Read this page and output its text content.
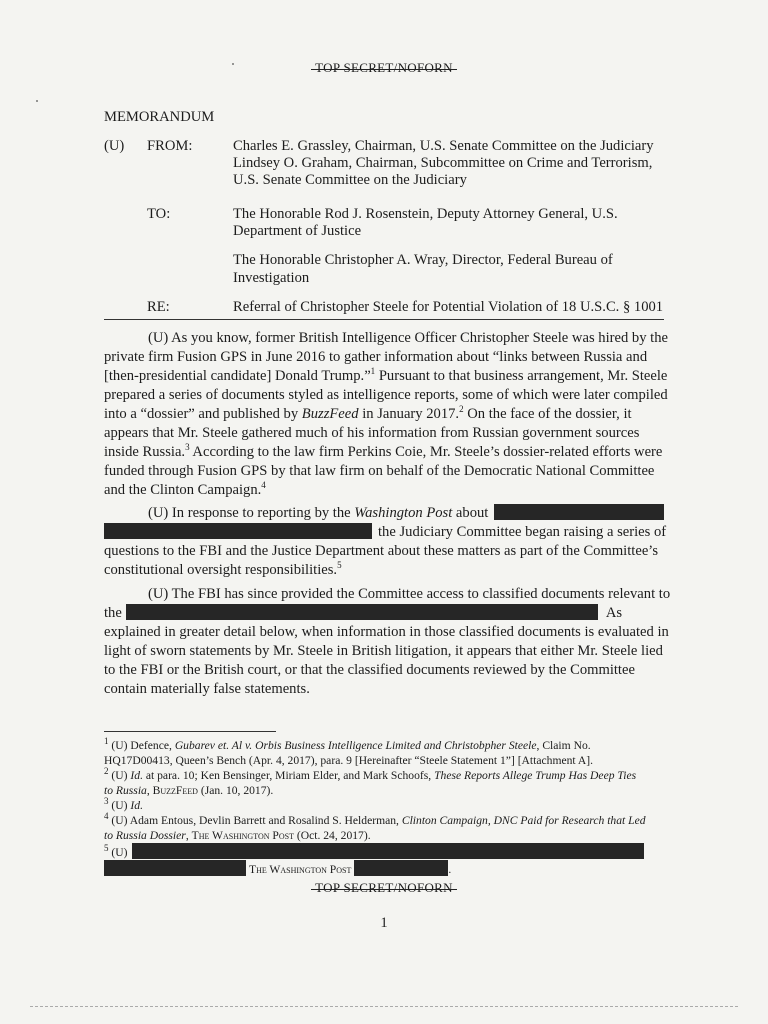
TOP SECRET/NOFORN
MEMORANDUM
(U) FROM:	Charles E. Grassley, Chairman, U.S. Senate Committee on the Judiciary
Lindsey O. Graham, Chairman, Subcommittee on Crime and Terrorism,
U.S. Senate Committee on the Judiciary
TO:	The Honorable Rod J. Rosenstein, Deputy Attorney General, U.S.
Department of Justice
The Honorable Christopher A. Wray, Director, Federal Bureau of
Investigation
RE:	Referral of Christopher Steele for Potential Violation of 18 U.S.C. § 1001
(U) As you know, former British Intelligence Officer Christopher Steele was hired by the
private firm Fusion GPS in June 2016 to gather information about “links between Russia and
[then-presidential candidate] Donald Trump.”$^1$ Pursuant to that business arrangement, Mr. Steele
prepared a series of documents styled as intelligence reports, some of which were later compiled
into a “dossier” and published by BuzzFeed in January 2017.$^2$ On the face of the dossier, it
appears that Mr. Steele gathered much of his information from Russian government sources
inside Russia.$^3$ According to the law firm Perkins Coie, Mr. Steele’s dossier-related efforts were
funded through Fusion GPS by that law firm on behalf of the Democratic National Committee
and the Clinton Campaign.$^4$
(U) In response to reporting by the Washington Post about
the Judiciary Committee began raising a series of
questions to the FBI and the Justice Department about these matters as part of the Committee’s
constitutional oversight responsibilities.$^5$
(U) The FBI has since provided the Committee access to classified documents relevant to
the	As
explained in greater detail below, when information in those classified documents is evaluated in
light of sworn statements by Mr. Steele in British litigation, it appears that either Mr. Steele lied
to the FBI or the British court, or that the classified documents reviewed by the Committee
contain materially false statements.
$^1$ (U) Defence, Gubarev et. Al v. Orbis Business Intelligence Limited and Christobpher Steele, Claim No.
HQ17D00413, Queen’s Bench (Apr. 4, 2017), para. 9 [Hereinafter “Steele Statement 1”] [Attachment A].
$^2$ (U) Id. at para. 10; Ken Bensinger, Miriam Elder, and Mark Schoofs, These Reports Allege Trump Has Deep Ties
to Russia, BuzzFeed (Jan. 10, 2017).
$^3$ (U) Id.
$^4$ (U) Adam Entous, Devlin Barrett and Rosalind S. Helderman, Clinton Campaign, DNC Paid for Research that Led
to Russia Dossier, The Washington Post (Oct. 24, 2017).
$^5$ (U)
The Washington Post	.
TOP SECRET/NOFORN
1
